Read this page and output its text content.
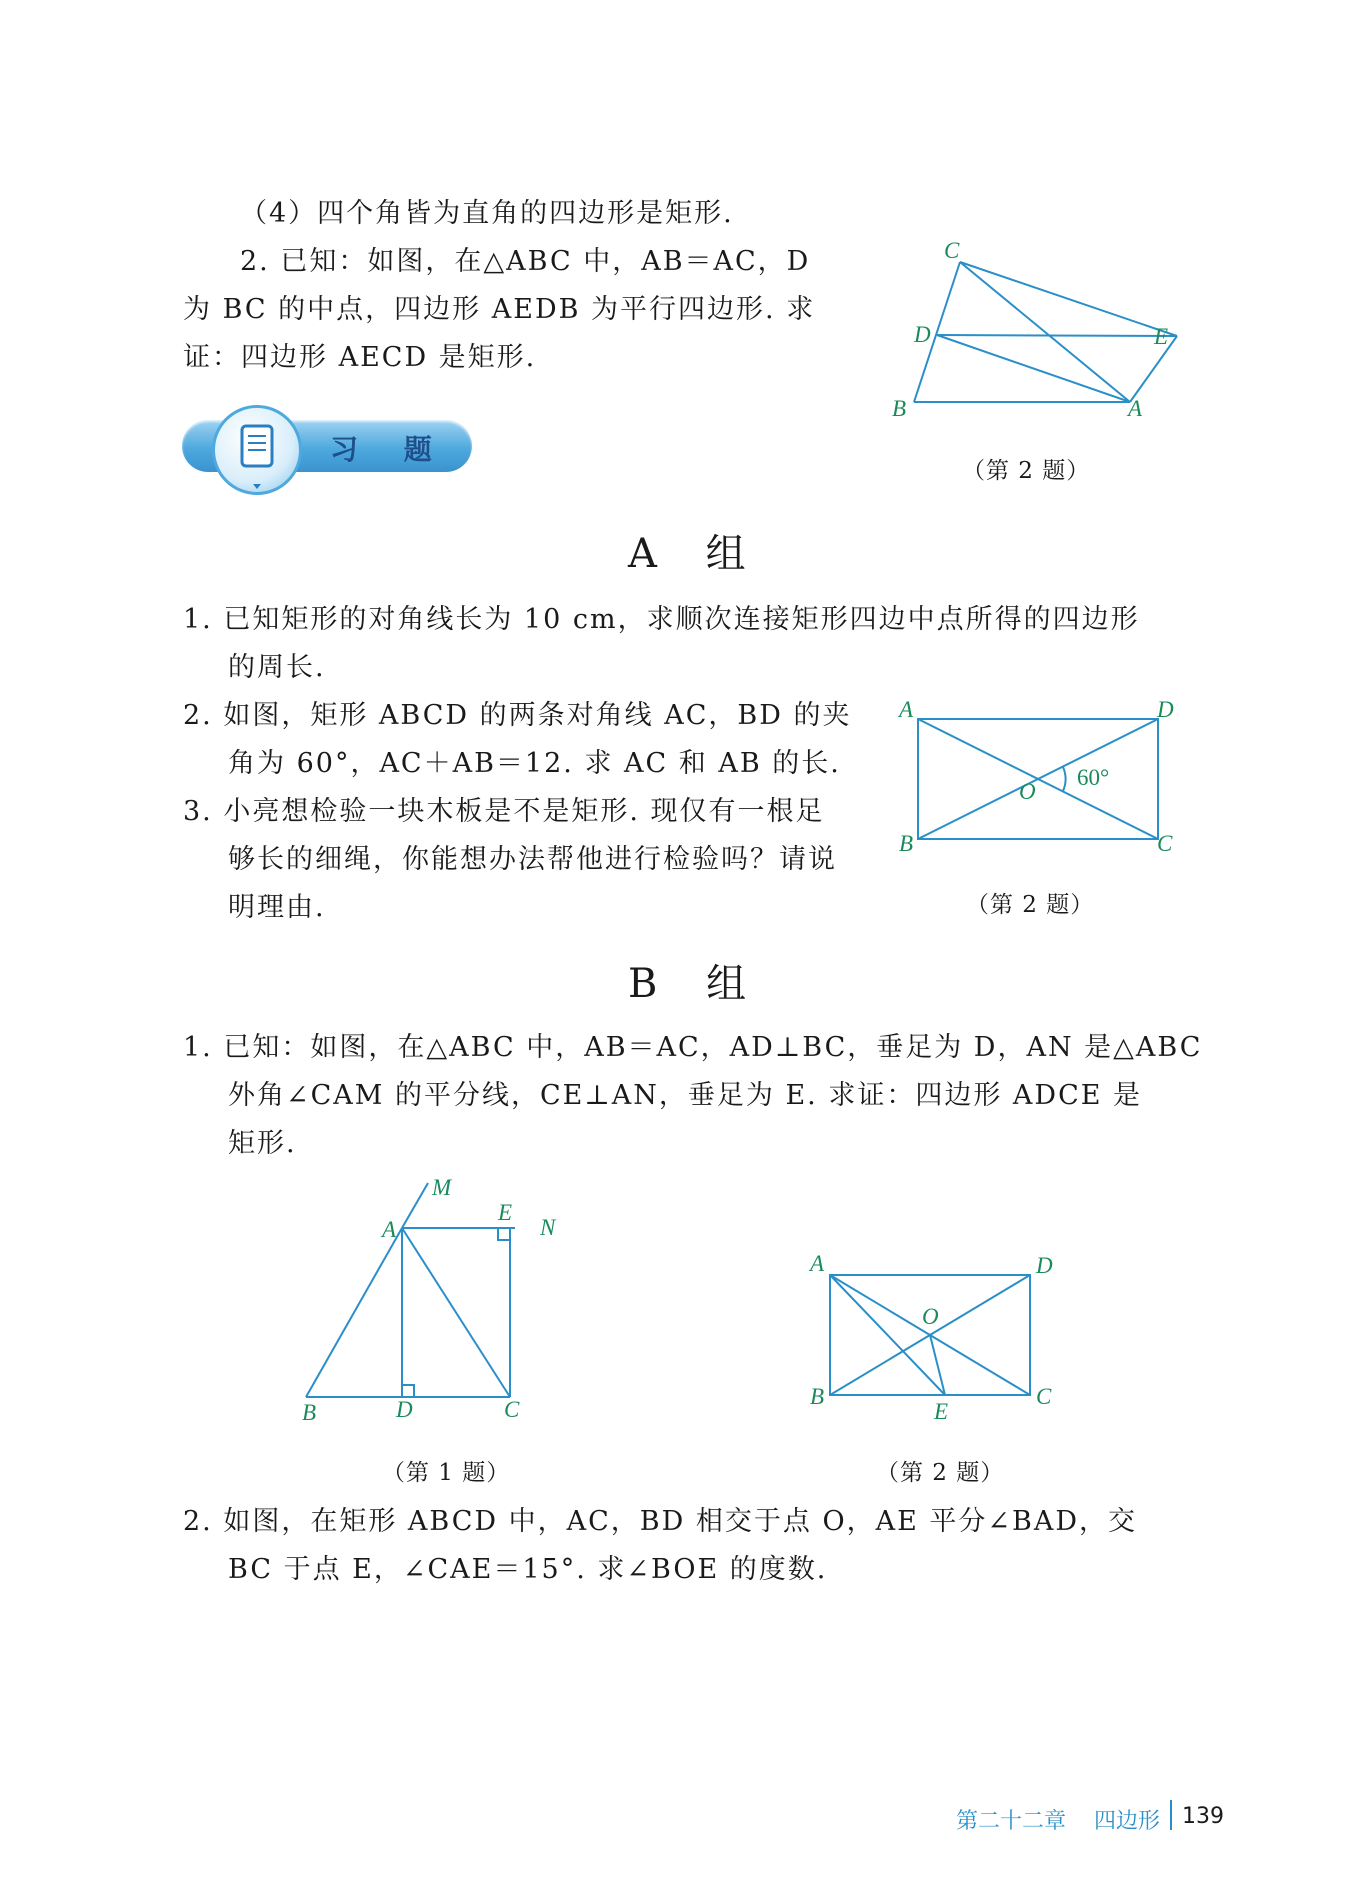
（4）四个角皆为直角的四边形是矩形.
2. 已知：如图，在△ABC 中，AB＝AC，D
为 BC 的中点，四边形 AEDB 为平行四边形. 求
证：四边形 AECD 是矩形.
C
D	E
B	A
（第 2 题）
习 题
A 组
1. 已知矩形的对角线长为 10 cm，求顺次连接矩形四边中点所得的四边形
的周长.
2. 如图，矩形 ABCD 的两条对角线 AC，BD 的夹
角为 60°，AC＋AB＝12. 求 AC 和 AB 的长.
3. 小亮想检验一块木板是不是矩形. 现仅有一根足
够长的细绳，你能想办法帮他进行检验吗？请说
明理由.
A	D
O
60°
B	C
（第 2 题）
B 组
1. 已知：如图，在△ABC 中，AB＝AC，AD⊥BC，垂足为 D，AN 是△ABC
外角∠CAM 的平分线，CE⊥AN，垂足为 E. 求证：四边形 ADCE 是
矩形.
M
A
E
N
B	D	C
（第 1 题）
A	D
O
B
E
C
（第 2 题）
2. 如图，在矩形 ABCD 中，AC，BD 相交于点 O，AE 平分∠BAD，交
BC 于点 E，∠CAE＝15°. 求∠BOE 的度数.
第二十二章 四边形 139
